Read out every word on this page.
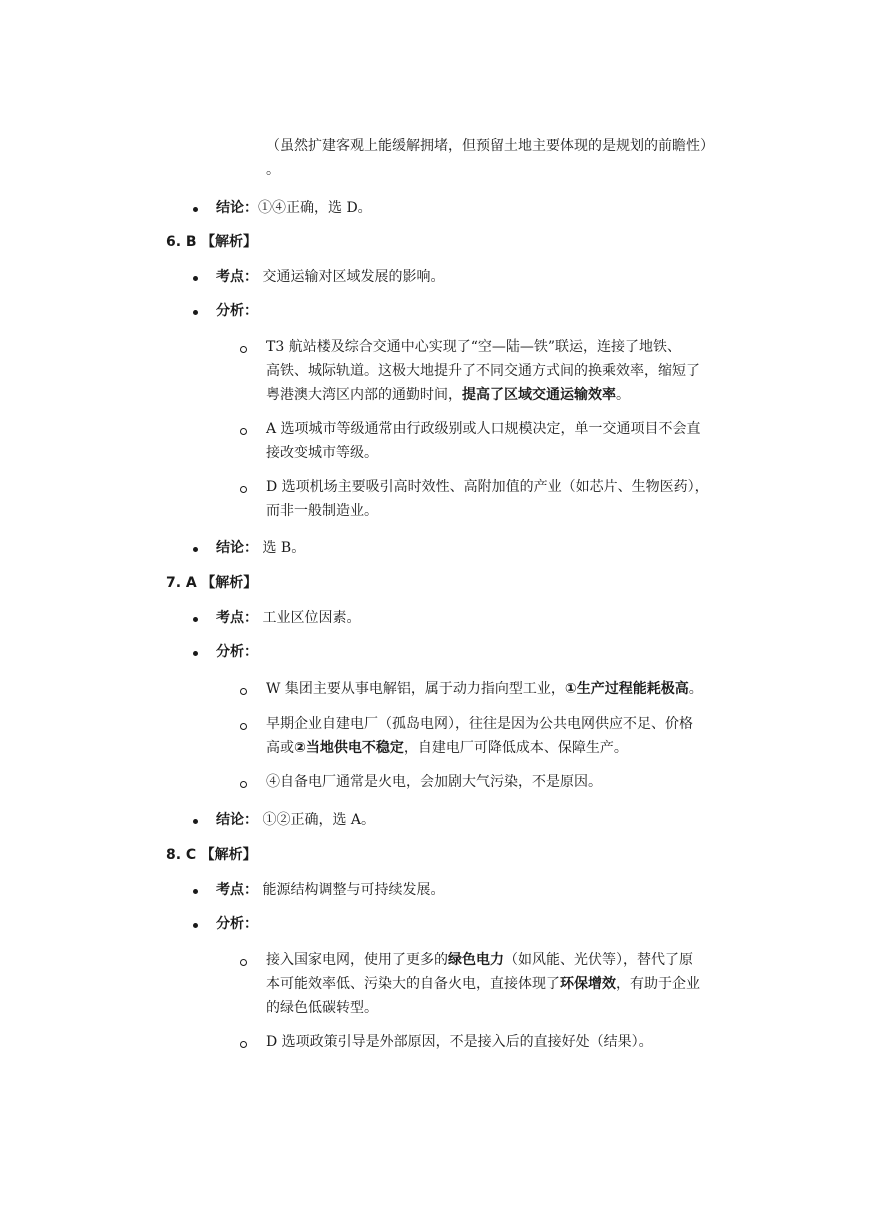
（虽然扩建客观上能缓解拥堵，但预留土地主要体现的是规划的前瞻性）
。
结论：①④正确，选 D。
6. B 【解析】
考点： 交通运输对区域发展的影响。
分析：
T3 航站楼及综合交通中心实现了“空—陆—铁”联运，连接了地铁、
高铁、城际轨道。这极大地提升了不同交通方式间的换乘效率，缩短了
粤港澳大湾区内部的通勤时间，提高了区域交通运输效率。
A 选项城市等级通常由行政级别或人口规模决定，单一交通项目不会直
接改变城市等级。
D 选项机场主要吸引高时效性、高附加值的产业（如芯片、生物医药），
而非一般制造业。
结论： 选 B。
7. A 【解析】
考点： 工业区位因素。
分析：
W 集团主要从事电解铝，属于动力指向型工业，①生产过程能耗极高。
早期企业自建电厂（孤岛电网），往往是因为公共电网供应不足、价格
高或②当地供电不稳定，自建电厂可降低成本、保障生产。
④自备电厂通常是火电，会加剧大气污染，不是原因。
结论： ①②正确，选 A。
8. C 【解析】
考点： 能源结构调整与可持续发展。
分析：
接入国家电网，使用了更多的绿色电力（如风能、光伏等），替代了原
本可能效率低、污染大的自备火电，直接体现了环保增效，有助于企业
的绿色低碳转型。
D 选项政策引导是外部原因，不是接入后的直接好处（结果）。
